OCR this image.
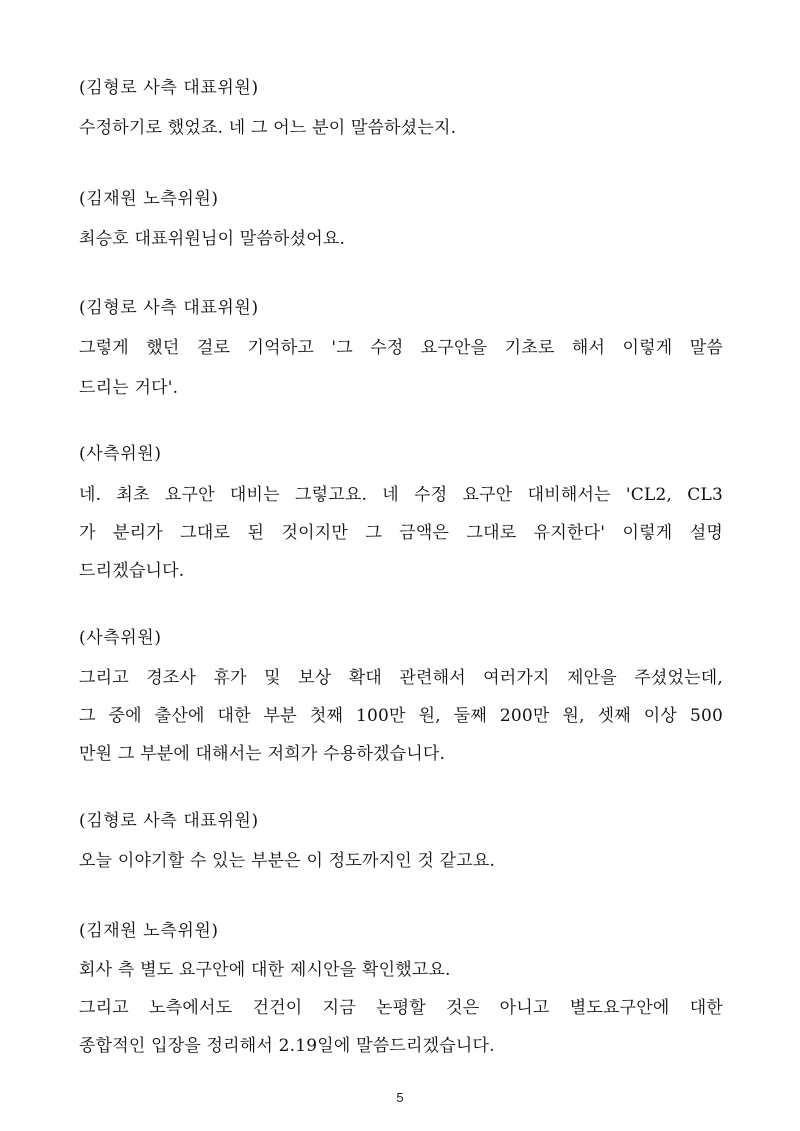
(김형로 사측 대표위원)
수정하기로 했었죠. 네 그 어느 분이 말씀하셨는지.
(김재원 노측위원)
최승호 대표위원님이 말씀하셨어요.
(김형로 사측 대표위원)
그렇게 했던 걸로 기억하고 '그 수정 요구안을 기초로 해서 이렇게 말씀
드리는 거다'.
(사측위원)
네. 최초 요구안 대비는 그렇고요. 네 수정 요구안 대비해서는 'CL2, CL3
가 분리가 그대로 된 것이지만 그 금액은 그대로 유지한다' 이렇게 설명
드리겠습니다.
(사측위원)
그리고 경조사 휴가 및 보상 확대 관련해서 여러가지 제안을 주셨었는데,
그 중에 출산에 대한 부분 첫째 100만 원, 둘째 200만 원, 셋째 이상 500
만원 그 부분에 대해서는 저희가 수용하겠습니다.
(김형로 사측 대표위원)
오늘 이야기할 수 있는 부분은 이 정도까지인 것 같고요.
(김재원 노측위원)
회사 측 별도 요구안에 대한 제시안을 확인했고요.
그리고 노측에서도 건건이 지금 논평할 것은 아니고 별도요구안에 대한
종합적인 입장을 정리해서 2.19일에 말씀드리겠습니다.
5
